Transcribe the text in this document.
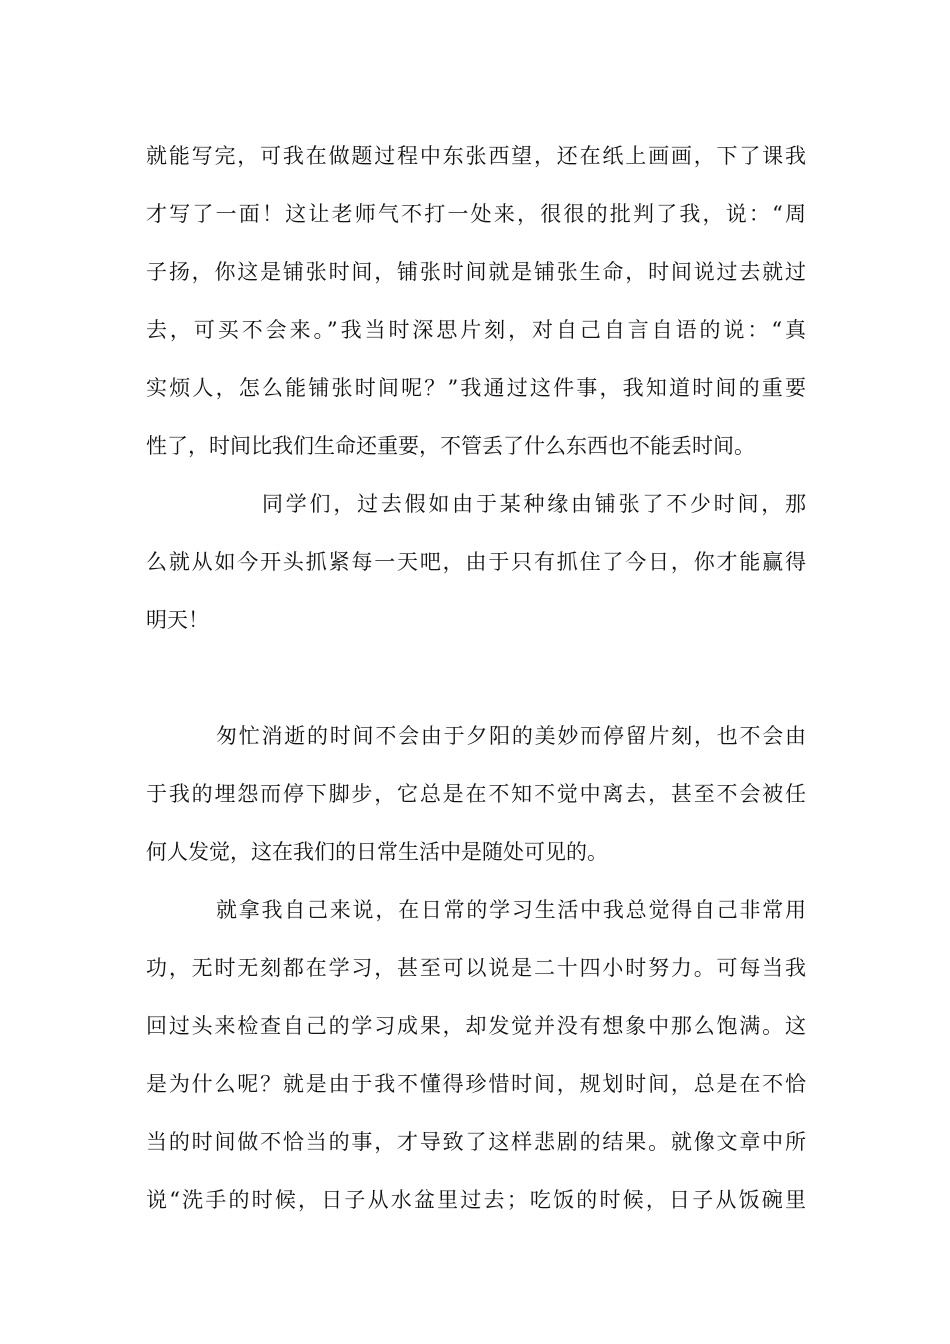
就能写完，可我在做题过程中东张西望，还在纸上画画，下了课我
才写了一面！这让老师气不打一处来，很很的批判了我，说：“周
子扬，你这是铺张时间，铺张时间就是铺张生命，时间说过去就过
去，可买不会来。”我当时深思片刻，对自己自言自语的说：“真
实烦人，怎么能铺张时间呢？”我通过这件事，我知道时间的重要
性了，时间比我们生命还重要，不管丢了什么东西也不能丢时间。
同学们，过去假如由于某种缘由铺张了不少时间，那
么就从如今开头抓紧每一天吧，由于只有抓住了今日，你才能赢得
明天！
匆忙消逝的时间不会由于夕阳的美妙而停留片刻，也不会由
于我的埋怨而停下脚步，它总是在不知不觉中离去，甚至不会被任
何人发觉，这在我们的日常生活中是随处可见的。
就拿我自己来说，在日常的学习生活中我总觉得自己非常用
功，无时无刻都在学习，甚至可以说是二十四小时努力。可每当我
回过头来检查自己的学习成果，却发觉并没有想象中那么饱满。这
是为什么呢？就是由于我不懂得珍惜时间，规划时间，总是在不恰
当的时间做不恰当的事，才导致了这样悲剧的结果。就像文章中所
说“洗手的时候，日子从水盆里过去；吃饭的时候，日子从饭碗里
